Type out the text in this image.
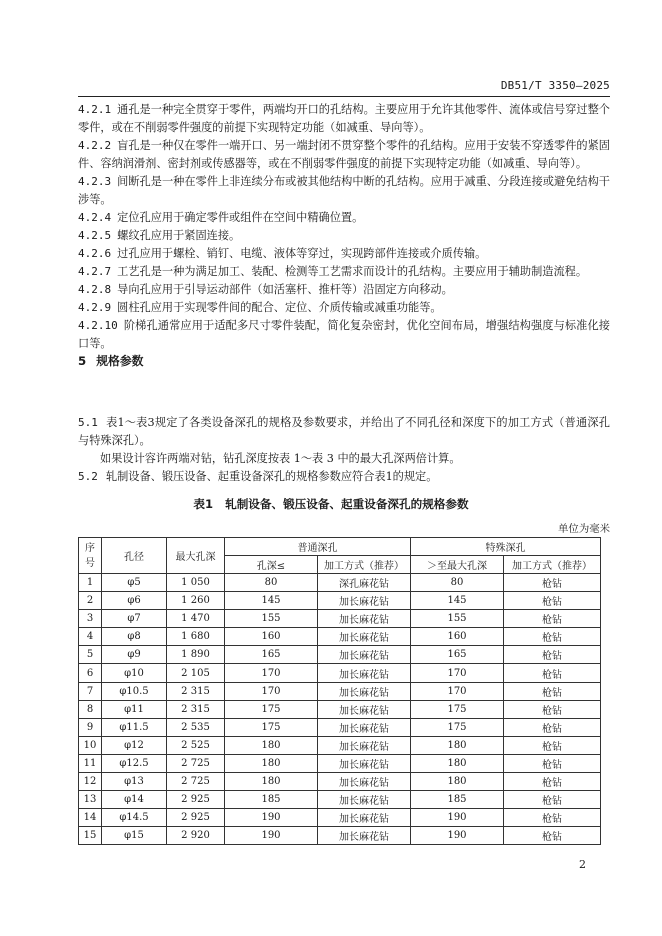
DB51/T 3350—2025

4.2.1 通孔是一种完全贯穿于零件，两端均开口的孔结构。主要应用于允许其他零件、流体或信号穿过整个零件，或在不削弱零件强度的前提下实现特定功能（如减重、导向等）。

4.2.2 盲孔是一种仅在零件一端开口、另一端封闭不贯穿整个零件的孔结构。应用于安装不穿透零件的紧固件、容纳润滑剂、密封剂或传感器等，或在不削弱零件强度的前提下实现特定功能（如减重、导向等）。

4.2.3 间断孔是一种在零件上非连续分布或被其他结构中断的孔结构。应用于减重、分段连接或避免结构干涉等。

4.2.4 定位孔应用于确定零件或组件在空间中精确位置。

4.2.5 螺纹孔应用于紧固连接。

4.2.6 过孔应用于螺栓、销钉、电缆、液体等穿过，实现跨部件连接或介质传输。

4.2.7 工艺孔是一种为满足加工、装配、检测等工艺需求而设计的孔结构。主要应用于辅助制造流程。

4.2.8 导向孔应用于引导运动部件（如活塞杆、推杆等）沿固定方向移动。

4.2.9 圆柱孔应用于实现零件间的配合、定位、介质传输或减重功能等。

4.2.10 阶梯孔通常应用于适配多尺寸零件装配，简化复杂密封，优化空间布局，增强结构强度与标准化接口等。

5 规格参数
5.1 表1～表3规定了各类设备深孔的规格及参数要求，并给出了不同孔径和深度下的加工方式（普通深孔与特殊深孔）。
如果设计容许两端对钻，钻孔深度按表 1～表 3 中的最大孔深两倍计算。
5.2 轧制设备、锻压设备、起重设备深孔的规格参数应符合表1的规定。
表1 轧制设备、锻压设备、起重设备深孔的规格参数
单位为毫米
序号	孔径	最大孔深	普通深孔		特殊深孔	
			孔深≤	加工方式（推荐）	＞至最大孔深	加工方式（推荐）
1	φ5	1 050	80	深孔麻花钻	80	枪钻
2	φ6	1 260	145	加长麻花钻	145	枪钻
3	φ7	1 470	155	加长麻花钻	155	枪钻
4	φ8	1 680	160	加长麻花钻	160	枪钻
5	φ9	1 890	165	加长麻花钻	165	枪钻
6	φ10	2 105	170	加长麻花钻	170	枪钻
7	φ10.5	2 315	170	加长麻花钻	170	枪钻
8	φ11	2 315	175	加长麻花钻	175	枪钻
9	φ11.5	2 535	175	加长麻花钻	175	枪钻
10	φ12	2 525	180	加长麻花钻	180	枪钻
11	φ12.5	2 725	180	加长麻花钻	180	枪钻
12	φ13	2 725	180	加长麻花钻	180	枪钻
13	φ14	2 925	185	加长麻花钻	185	枪钻
14	φ14.5	2 925	190	加长麻花钻	190	枪钻
15	φ15	2 920	190	加长麻花钻	190	枪钻
2
